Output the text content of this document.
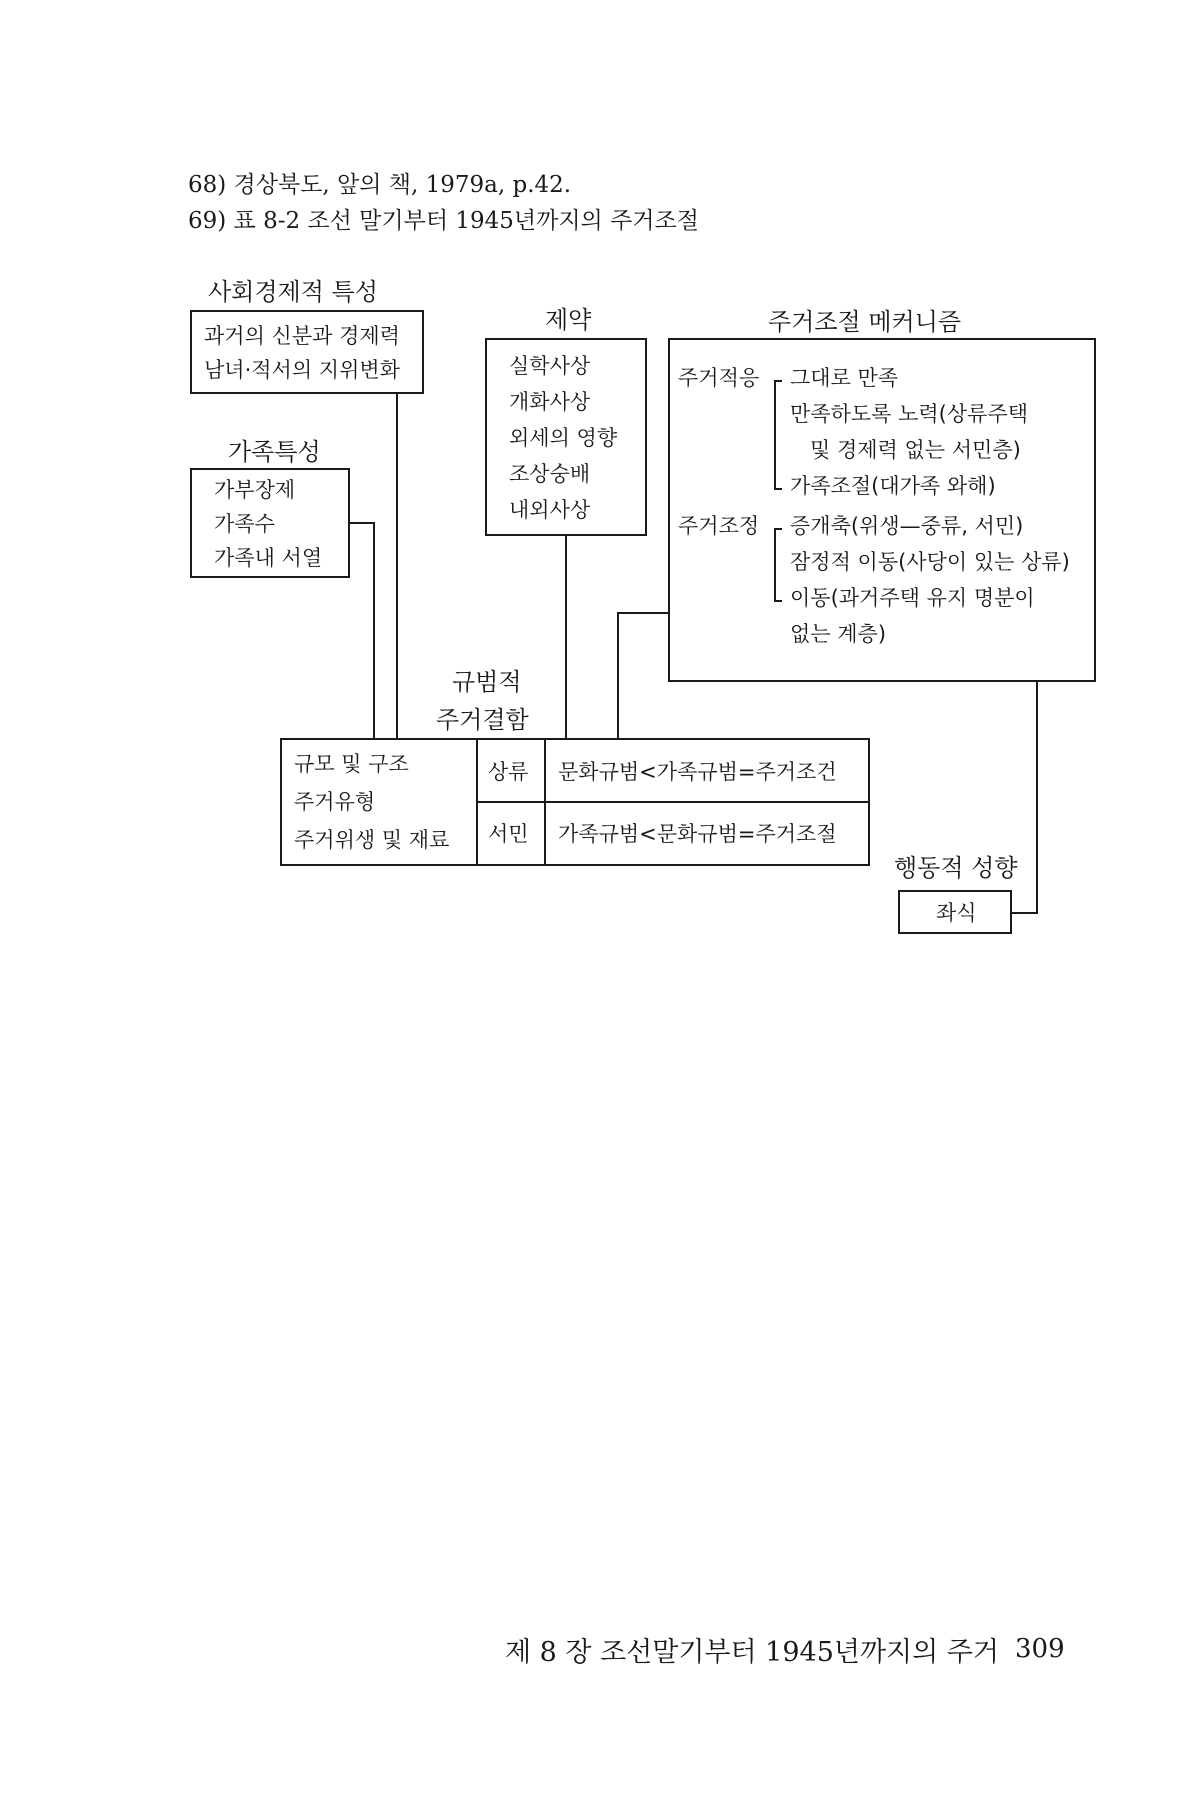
68) 경상북도, 앞의 책, 1979a, p.42.
69) 표 8-2 조선 말기부터 1945년까지의 주거조절
사회경제적 특성
과거의 신분과 경제력
남녀·적서의 지위변화
가족특성
가부장제
가족수
가족내 서열
제약
실학사상
개화사상
외세의 영향
조상숭배
내외사상
주거조절 메커니즘
주거적응 그대로 만족
만족하도록 노력(상류주택
및 경제력 없는 서민층)
가족조절(대가족 와해)
주거조정 증개축(위생—중류, 서민)
잠정적 이동(사당이 있는 상류)
이동(과거주택 유지 명분이
없는 계층)
규범적
주거결함
규모 및 구조
주거유형
주거위생 및 재료
상류 문화규범<가족규범=주거조건
서민 가족규범<문화규범=주거조절
행동적 성향
좌식
제 8 장 조선말기부터 1945년까지의 주거 309
